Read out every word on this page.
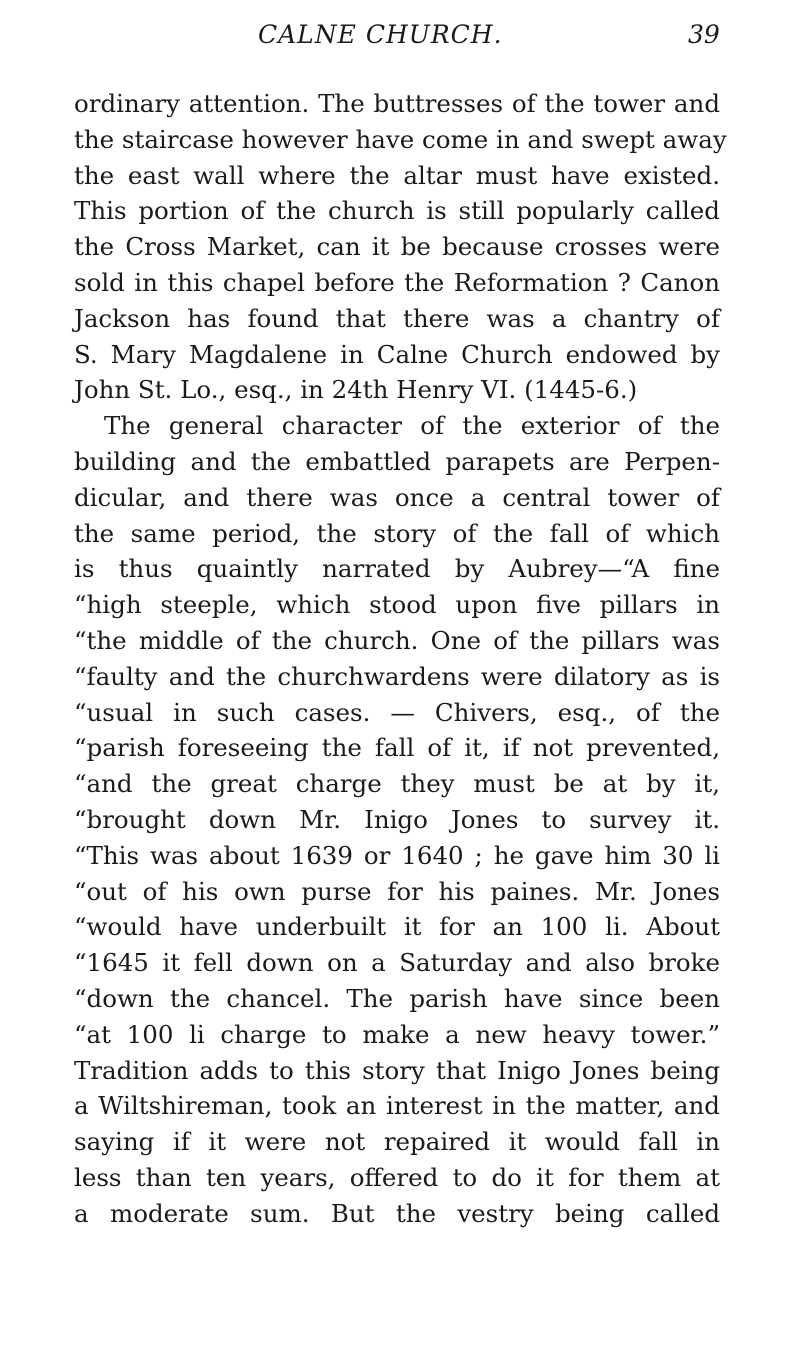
CALNE CHURCH.	39
ordinary attention. The buttresses of the tower and
the staircase however have come in and swept away
the east wall where the altar must have existed.
This portion of the church is still popularly called
the Cross Market, can it be because crosses were
sold in this chapel before the Reformation ? Canon
Jackson has found that there was a chantry of
S. Mary Magdalene in Calne Church endowed by
John St. Lo., esq., in 24th Henry VI. (1445-6.)
The general character of the exterior of the
building and the embattled parapets are Perpen-
dicular, and there was once a central tower of
the same period, the story of the fall of which
is thus quaintly narrated by Aubrey—“A fine
“high steeple, which stood upon five pillars in
“the middle of the church. One of the pillars was
“faulty and the churchwardens were dilatory as is
“usual in such cases. — Chivers, esq., of the
“parish foreseeing the fall of it, if not prevented,
“and the great charge they must be at by it,
“brought down Mr. Inigo Jones to survey it.
“This was about 1639 or 1640 ; he gave him 30 li
“out of his own purse for his paines. Mr. Jones
“would have underbuilt it for an 100 li. About
“1645 it fell down on a Saturday and also broke
“down the chancel. The parish have since been
“at 100 li charge to make a new heavy tower.”
Tradition adds to this story that Inigo Jones being
a Wiltshireman, took an interest in the matter, and
saying if it were not repaired it would fall in
less than ten years, offered to do it for them at
a moderate sum. But the vestry being called
